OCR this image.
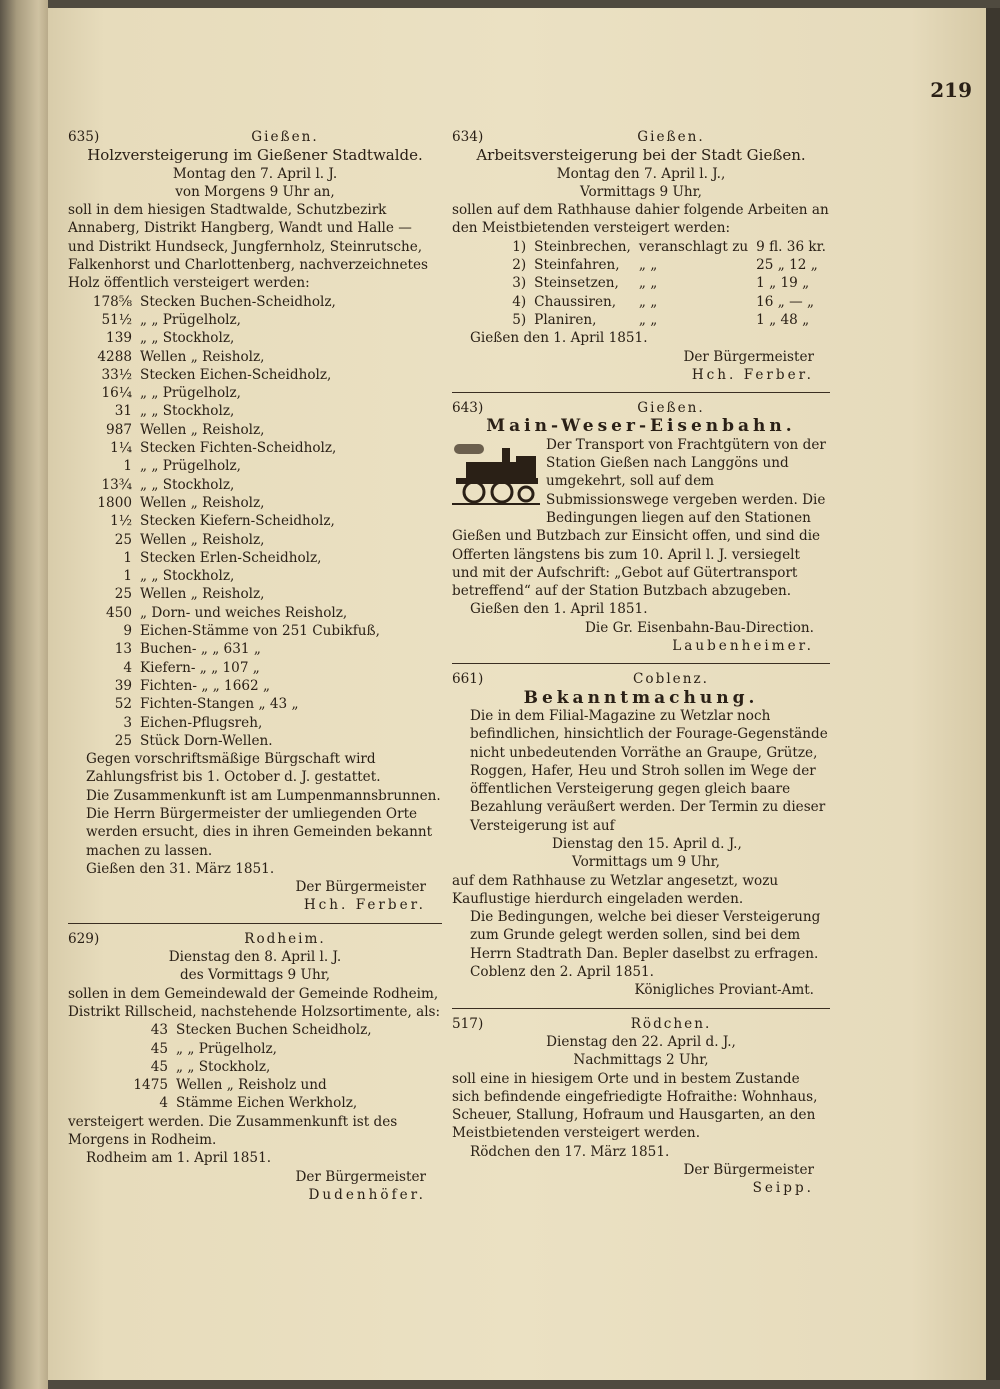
219
635)	Gießen.
Holzversteigerung im Gießener Stadtwalde.
Montag den 7. April l. J.
von Morgens 9 Uhr an,

soll in dem hiesigen Stadtwalde, Schutzbezirk Annaberg, Distrikt Hangberg, Wandt und Halle — und Distrikt Hundseck, Jungfernholz, Steinrutsche, Falkenhorst und Charlottenberg, nachverzeichnetes Holz öffentlich versteigert werden:

178⅝	Stecken Buchen-Scheidholz,
51½	„ „ Prügelholz,
139	„ „ Stockholz,
4288	Wellen „ Reisholz,
33½	Stecken Eichen-Scheidholz,
16¼	„ „ Prügelholz,
31	„ „ Stockholz,
987	Wellen „ Reisholz,
1¼	Stecken Fichten-Scheidholz,
1	„ „ Prügelholz,
13¾	„ „ Stockholz,
1800	Wellen „ Reisholz,
1½	Stecken Kiefern-Scheidholz,
25	Wellen „ Reisholz,
1	Stecken Erlen-Scheidholz,
1	„ „ Stockholz,
25	Wellen „ Reisholz,
450	„ Dorn- und weiches Reisholz,
9	Eichen-Stämme von 251 Cubikfuß,
13	Buchen- „ „ 631 „
4	Kiefern- „ „ 107 „
39	Fichten- „ „ 1662 „
52	Fichten-Stangen „ 43 „
3	Eichen-Pflugsreh,
25	Stück Dorn-Wellen.

Gegen vorschriftsmäßige Bürgschaft wird Zahlungsfrist bis 1. October d. J. gestattet.

Die Zusammenkunft ist am Lumpenmannsbrunnen.

Die Herrn Bürgermeister der umliegenden Orte werden ersucht, dies in ihren Gemeinden bekannt machen zu lassen.

Gießen den 31. März 1851.

Der Bürgermeister
Hch. Ferber.
629)	Rodheim.
Dienstag den 8. April l. J.
des Vormittags 9 Uhr,

sollen in dem Gemeindewald der Gemeinde Rodheim, Distrikt Rillscheid, nachstehende Holzsortimente, als:

43	Stecken Buchen Scheidholz,
45	„ „ Prügelholz,
45	„ „ Stockholz,
1475	Wellen „ Reisholz und
4	Stämme Eichen Werkholz,

versteigert werden. Die Zusammenkunft ist des Morgens in Rodheim.

Rodheim am 1. April 1851.

Der Bürgermeister
Dudenhöfer.
634)	Gießen.
Arbeitsversteigerung bei der Stadt Gießen.
Montag den 7. April l. J.,
Vormittags 9 Uhr,

sollen auf dem Rathhause dahier folgende Arbeiten an den Meistbietenden versteigert werden:

1)	Steinbrechen,	veranschlagt zu	9 fl. 36 kr.
2)	Steinfahren,	„ „	25 „ 12 „
3)	Steinsetzen,	„ „	1 „ 19 „
4)	Chaussiren,	„ „	16 „ — „
5)	Planiren,	„ „	1 „ 48 „

Gießen den 1. April 1851.

Der Bürgermeister
Hch. Ferber.
643)	Gießen.
Main-Weser-Eisenbahn.

Der Transport von Frachtgütern von der Station Gießen nach Langgöns und umgekehrt, soll auf dem Submissionswege vergeben werden. Die Bedingungen liegen auf den Stationen Gießen und Butzbach zur Einsicht offen, und sind die Offerten längstens bis zum 10. April l. J. versiegelt und mit der Aufschrift: „Gebot auf Gütertransport betreffend“ auf der Station Butzbach abzugeben.

Gießen den 1. April 1851.

Die Gr. Eisenbahn-Bau-Direction.
Laubenheimer.
661)	Coblenz.
Bekanntmachung.

Die in dem Filial-Magazine zu Wetzlar noch befindlichen, hinsichtlich der Fourage-Gegenstände nicht unbedeutenden Vorräthe an Graupe, Grütze, Roggen, Hafer, Heu und Stroh sollen im Wege der öffentlichen Versteigerung gegen gleich baare Bezahlung veräußert werden. Der Termin zu dieser Versteigerung ist auf

Dienstag den 15. April d. J.,
Vormittags um 9 Uhr,

auf dem Rathhause zu Wetzlar angesetzt, wozu Kauflustige hierdurch eingeladen werden.

Die Bedingungen, welche bei dieser Versteigerung zum Grunde gelegt werden sollen, sind bei dem Herrn Stadtrath Dan. Bepler daselbst zu erfragen.

Coblenz den 2. April 1851.

Königliches Proviant-Amt.
517)	Rödchen.
Dienstag den 22. April d. J.,
Nachmittags 2 Uhr,

soll eine in hiesigem Orte und in bestem Zustande sich befindende eingefriedigte Hofraithe: Wohnhaus, Scheuer, Stallung, Hofraum und Hausgarten, an den Meistbietenden versteigert werden.

Rödchen den 17. März 1851.

Der Bürgermeister
Seipp.
